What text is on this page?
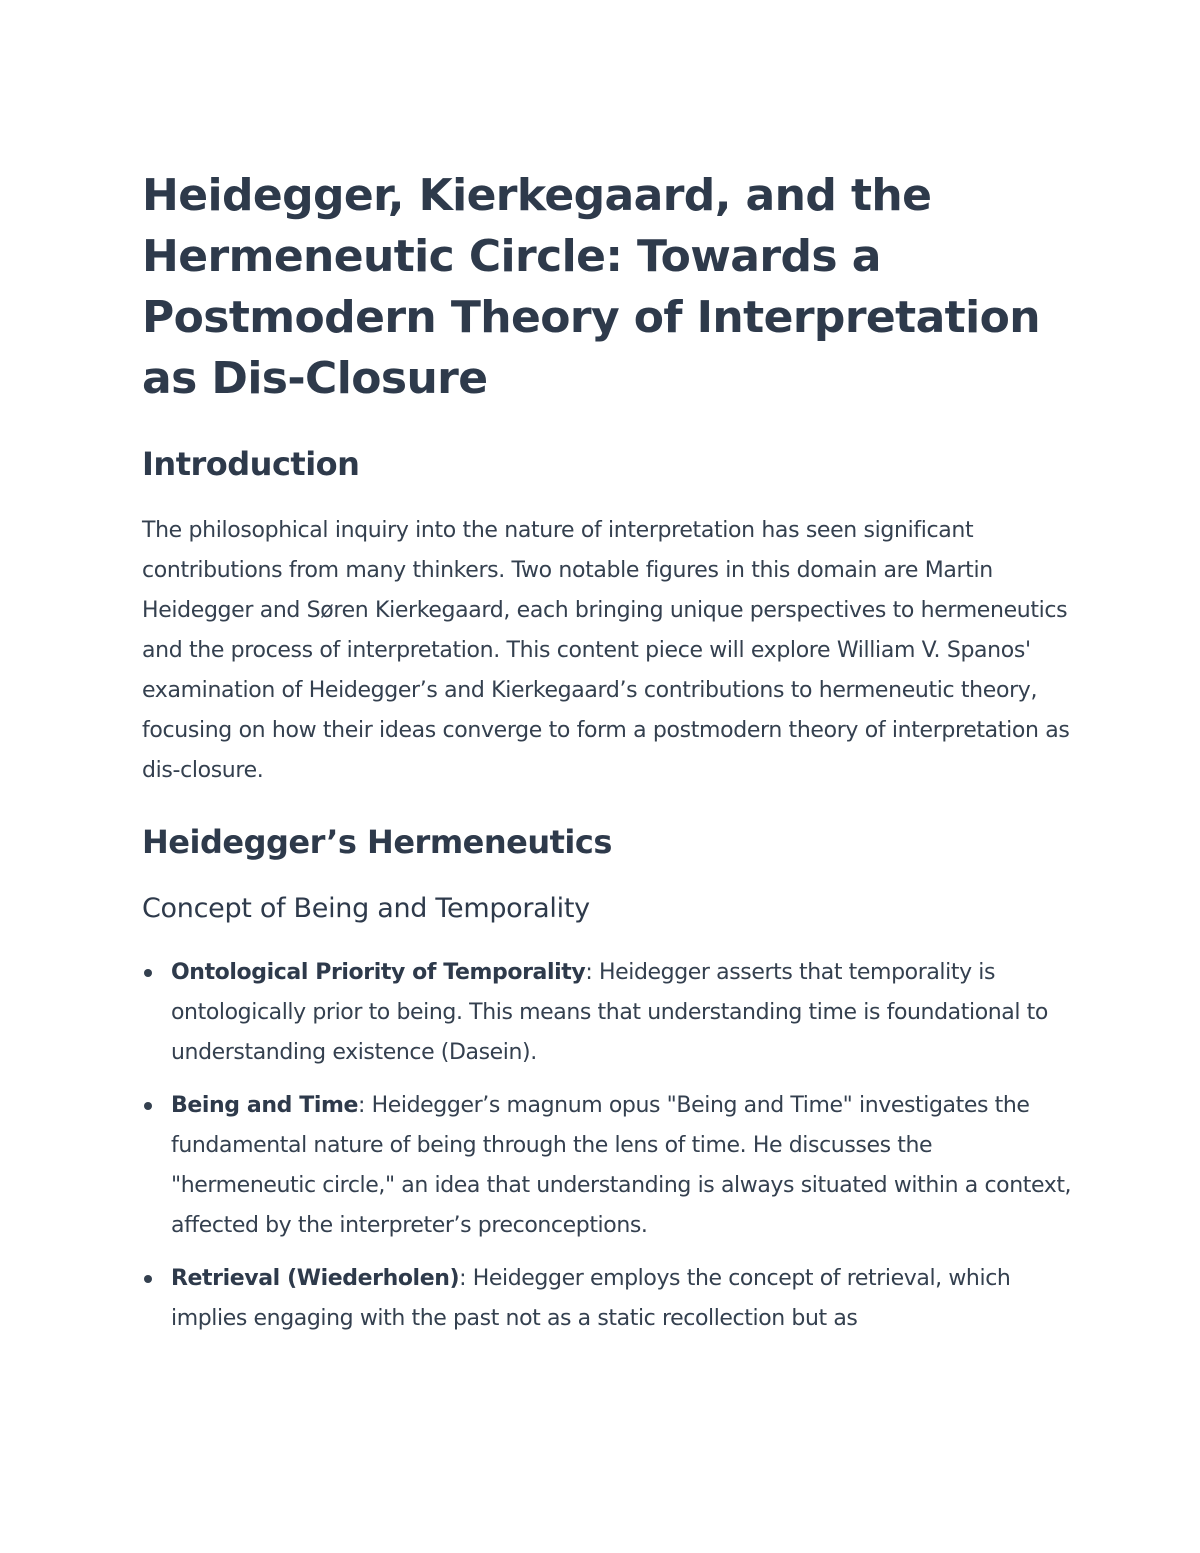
Heidegger, Kierkegaard, and the Hermeneutic Circle: Towards a Postmodern Theory of Interpretation as Dis-Closure
Introduction

The philosophical inquiry into the nature of interpretation has seen significant contributions from many thinkers. Two notable figures in this domain are Martin Heidegger and Søren Kierkegaard, each bringing unique perspectives to hermeneutics and the process of interpretation. This content piece will explore William V. Spanos' examination of Heidegger’s and Kierkegaard’s contributions to hermeneutic theory, focusing on how their ideas converge to form a postmodern theory of interpretation as dis-closure.

Heidegger’s Hermeneutics
Concept of Being and Temporality
Ontological Priority of Temporality: Heidegger asserts that temporality is ontologically prior to being. This means that understanding time is foundational to understanding existence (Dasein).
Being and Time: Heidegger’s magnum opus "Being and Time" investigates the fundamental nature of being through the lens of time. He discusses the "hermeneutic circle," an idea that understanding is always situated within a context, affected by the interpreter’s preconceptions.
Retrieval (Wiederholen): Heidegger employs the concept of retrieval, which implies engaging with the past not as a static recollection but as
